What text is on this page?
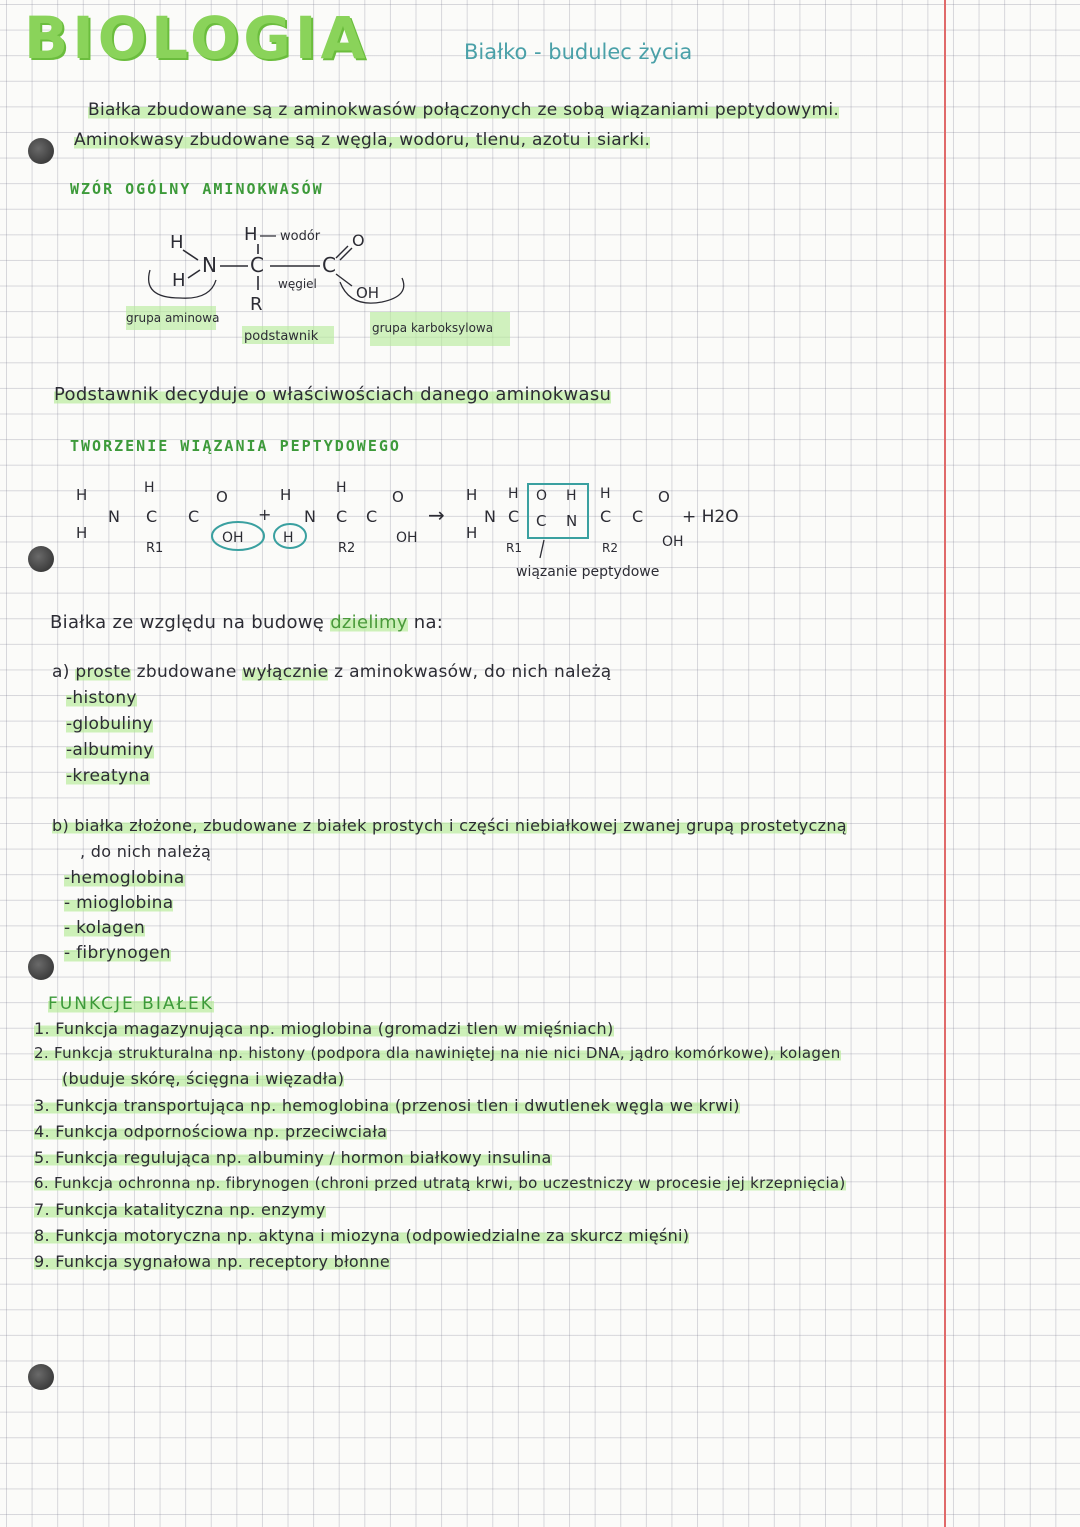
BIOLOGIA	Białko - budulec życia
Białka zbudowane są z aminokwasów połączonych ze sobą wiązaniami peptydowymi.
Aminokwasy zbudowane są z węgla, wodoru, tlenu, azotu i siarki.
WZÓR OGÓLNY AMINOKWASÓW
H
H
N C
H wodór
R
C
O
OH
węgiel
grupa aminowa
podstawnik
grupa karboksylowa
Podstawnik decyduje o właściwościach danego aminokwasu
TWORZENIE WIĄZANIA PEPTYDOWEGO
H
H
N C
H
R1
C
O
OH
+
H
H
N C
H
R2
C
O
OH
→
H
H
N C
H
R1
O H
C N C
H
R2
C
O
OH
+ H2O
wiązanie peptydowe
Białka ze względu na budowę dzielimy na:
a) proste zbudowane wyłącznie z aminokwasów, do nich należą
-histony
-globuliny
-albuminy
-kreatyna
b) białka złożone, zbudowane z białek prostych i części niebiałkowej zwanej grupą prostetyczną
, do nich należą
-hemoglobina
- mioglobina
- kolagen
- fibrynogen
FUNKCJE BIAŁEK
1. Funkcja magazynująca np. mioglobina (gromadzi tlen w mięśniach)
2. Funkcja strukturalna np. histony (podpora dla nawiniętej na nie nici DNA, jądro komórkowe), kolagen
(buduje skórę, ścięgna i więzadła)
3. Funkcja transportująca np. hemoglobina (przenosi tlen i dwutlenek węgla we krwi)
4. Funkcja odpornościowa np. przeciwciała
5. Funkcja regulująca np. albuminy / hormon białkowy insulina
6. Funkcja ochronna np. fibrynogen (chroni przed utratą krwi, bo uczestniczy w procesie jej krzepnięcia)
7. Funkcja katalityczna np. enzymy
8. Funkcja motoryczna np. aktyna i miozyna (odpowiedzialne za skurcz mięśni)
9. Funkcja sygnałowa np. receptory błonne
